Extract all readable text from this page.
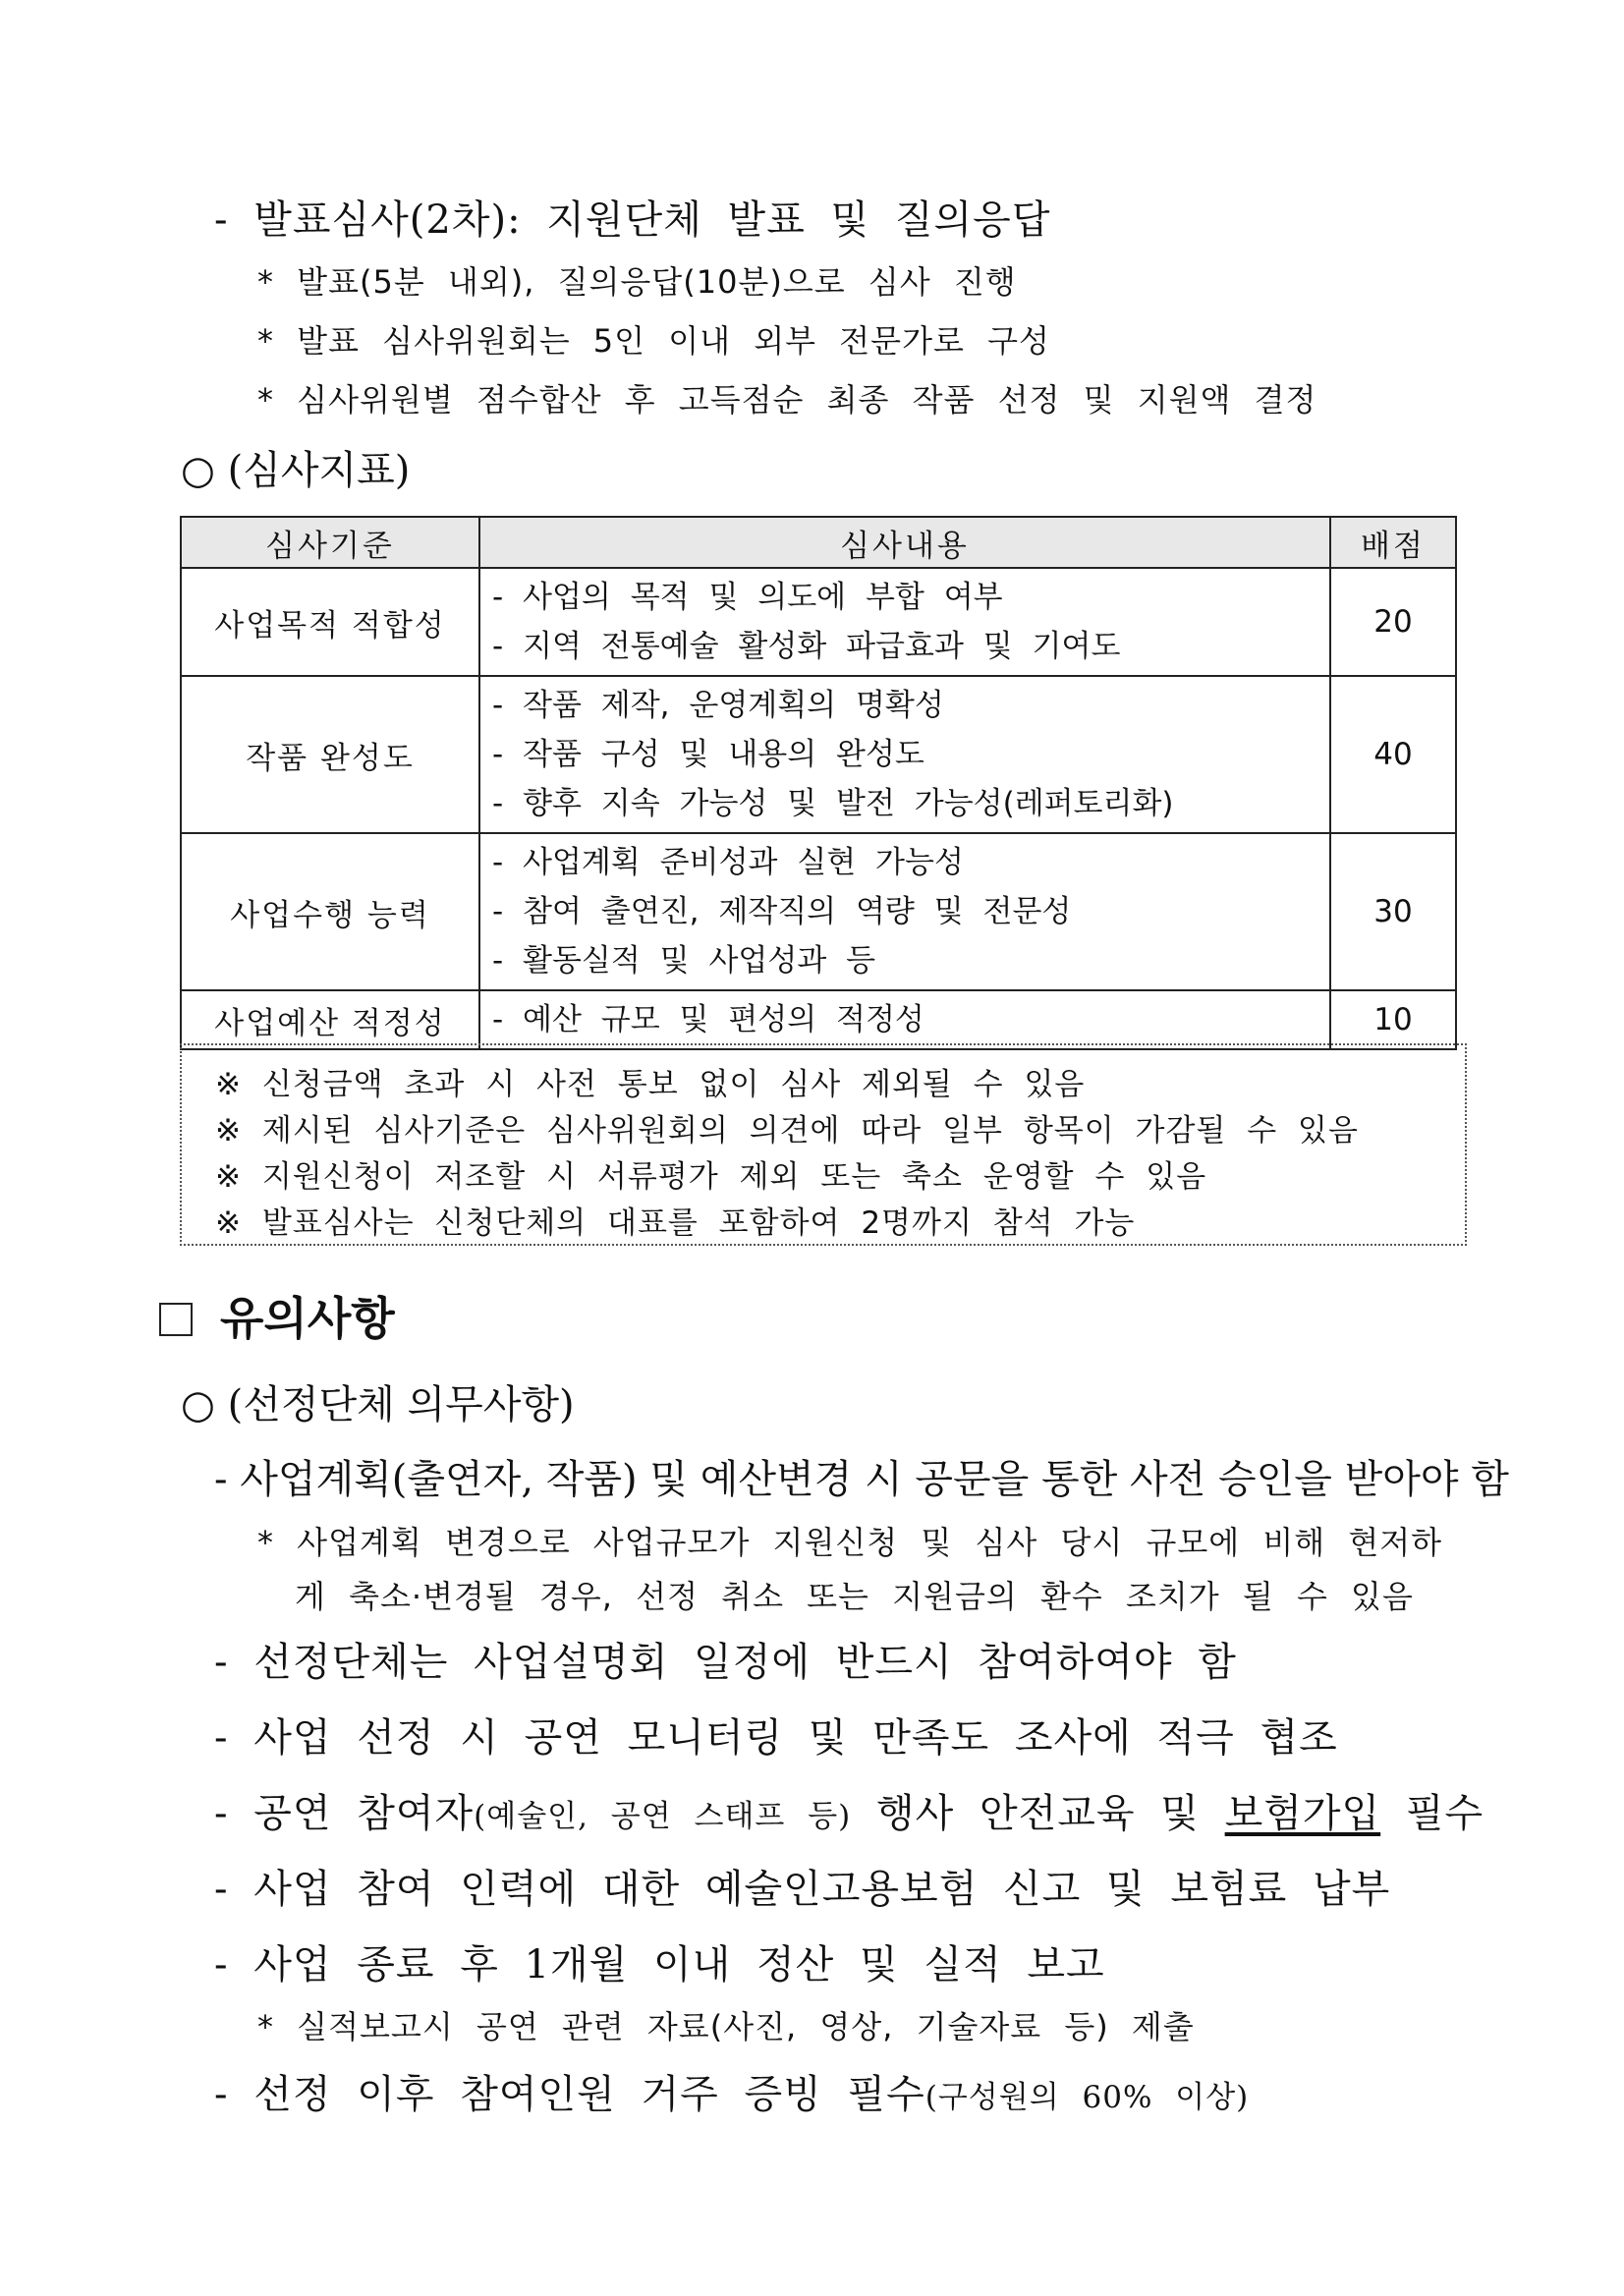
- 발표심사(2차): 지원단체 발표 및 질의응답
* 발표(5분 내외), 질의응답(10분)으로 심사 진행
* 발표 심사위원회는 5인 이내 외부 전문가로 구성
* 심사위원별 점수합산 후 고득점순 최종 작품 선정 및 지원액 결정
○ (심사지표)
심사기준	심사내용	배점
사업목적 적합성	- 사업의 목적 및 의도에 부합 여부
- 지역 전통예술 활성화 파급효과 및 기여도	20
작품 완성도	- 작품 제작, 운영계획의 명확성
- 작품 구성 및 내용의 완성도
- 향후 지속 가능성 및 발전 가능성(레퍼토리화)	40
사업수행 능력	- 사업계획 준비성과 실현 가능성
- 참여 출연진, 제작직의 역량 및 전문성
- 활동실적 및 사업성과 등	30
사업예산 적정성	- 예산 규모 및 편성의 적정성	10
※ 신청금액 초과 시 사전 통보 없이 심사 제외될 수 있음
※ 제시된 심사기준은 심사위원회의 의견에 따라 일부 항목이 가감될 수 있음
※ 지원신청이 저조할 시 서류평가 제외 또는 축소 운영할 수 있음
※ 발표심사는 신청단체의 대표를 포함하여 2명까지 참석 가능
유의사항
○ (선정단체 의무사항)
- 사업계획(출연자, 작품) 및 예산변경 시 공문을 통한 사전 승인을 받아야 함
* 사업계획 변경으로 사업규모가 지원신청 및 심사 당시 규모에 비해 현저하
게 축소·변경될 경우, 선정 취소 또는 지원금의 환수 조치가 될 수 있음
- 선정단체는 사업설명회 일정에 반드시 참여하여야 함
- 사업 선정 시 공연 모니터링 및 만족도 조사에 적극 협조
- 공연 참여자(예술인, 공연 스태프 등) 행사 안전교육 및 보험가입 필수
- 사업 참여 인력에 대한 예술인고용보험 신고 및 보험료 납부
- 사업 종료 후 1개월 이내 정산 및 실적 보고
* 실적보고시 공연 관련 자료(사진, 영상, 기술자료 등) 제출
- 선정 이후 참여인원 거주 증빙 필수(구성원의 60% 이상)
